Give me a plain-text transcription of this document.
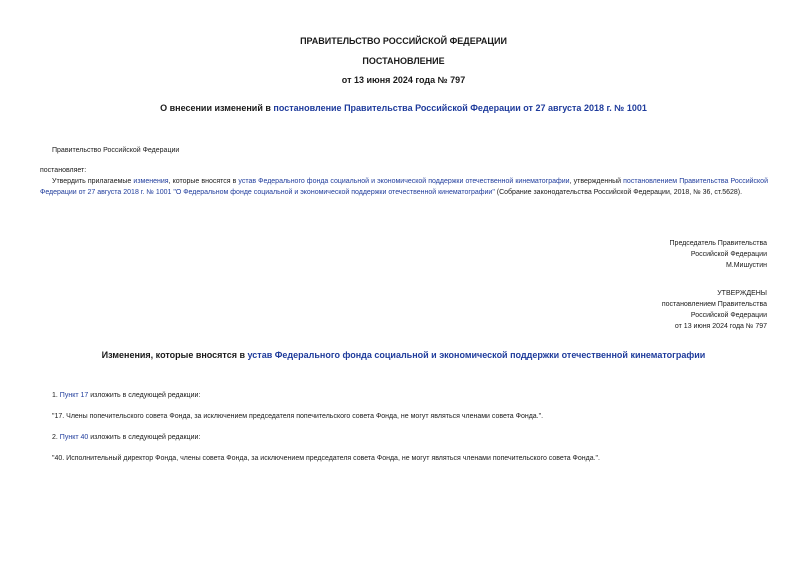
ПРАВИТЕЛЬСТВО РОССИЙСКОЙ ФЕДЕРАЦИИ
ПОСТАНОВЛЕНИЕ
от 13 июня 2024 года № 797
О внесении изменений в постановление Правительства Российской Федерации от 27 августа 2018 г. № 1001
Правительство Российской Федерации
постановляет:
Утвердить прилагаемые изменения, которые вносятся в устав Федерального фонда социальной и экономической поддержки отечественной кинематографии, утвержденный постановлением Правительства Российской Федерации от 27 августа 2018 г. № 1001 "О Федеральном фонде социальной и экономической поддержки отечественной кинематографии" (Собрание законодательства Российской Федерации, 2018, № 36, ст.5628).
Председатель Правительства
Российской Федерации
М.Мишустин
УТВЕРЖДЕНЫ
постановлением Правительства
Российской Федерации
от 13 июня 2024 года № 797
Изменения, которые вносятся в устав Федерального фонда социальной и экономической поддержки отечественной кинематографии
1. Пункт 17 изложить в следующей редакции:
"17. Члены попечительского совета Фонда, за исключением председателя попечительского совета Фонда, не могут являться членами совета Фонда.".
2. Пункт 40 изложить в следующей редакции:
"40. Исполнительный директор Фонда, члены совета Фонда, за исключением председателя совета Фонда, не могут являться членами попечительского совета Фонда.".
